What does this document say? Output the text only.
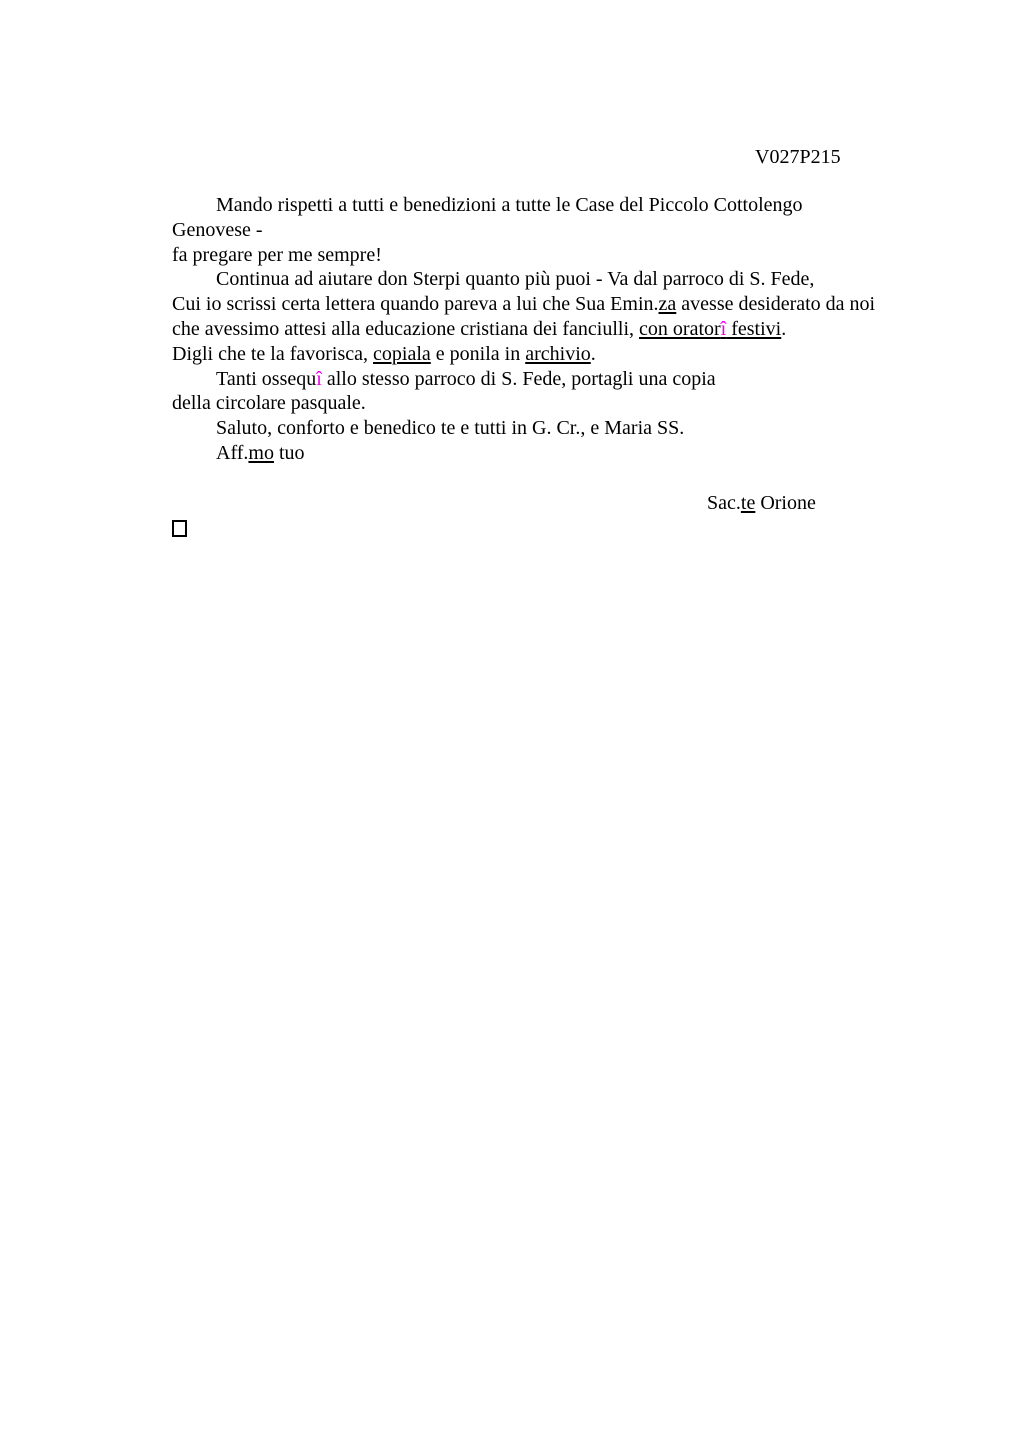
V027P215
Mando rispetti a tutti e benedizioni a tutte le Case del Piccolo Cottolengo
Genovese -
fa pregare per me sempre!
Continua ad aiutare don Sterpi quanto più puoi - Va dal parroco di S. Fede,
Cui io scrissi certa lettera quando pareva a lui che Sua Emin.za avesse desiderato da noi
che avessimo attesi alla educazione cristiana dei fanciulli, con oratorî festivi.
Digli che te la favorisca, copiala e ponila in archivio.
Tanti ossequî allo stesso parroco di S. Fede, portagli una copia
della circolare pasquale.
Saluto, conforto e benedico te e tutti in G. Cr., e Maria SS.
Aff.mo tuo
Sac.te Orione
